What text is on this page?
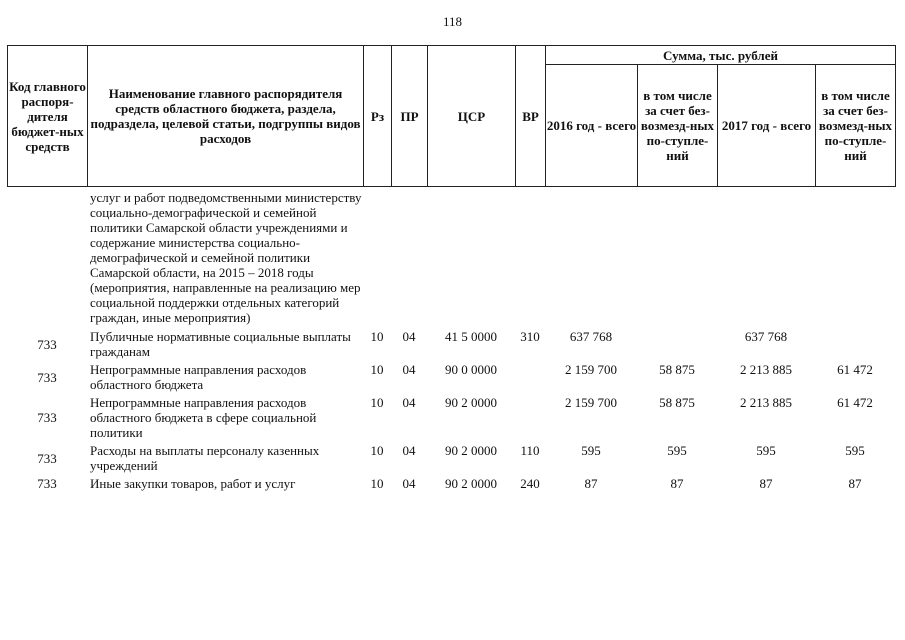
118
Код главного распоря-дителя бюджет-ных средств	Наименование главного распорядителя средств областного бюджета, раздела, подраздела, целевой статьи, подгруппы видов расходов	Рз	ПР	ЦСР	ВР	Сумма, тыс. рублей			
						2016 год - всего	в том числе за счет без-возмезд-ных по-ступле-ний	2017 год - всего	в том числе за счет без-возмезд-ных по-ступле-ний
	услуг и работ подведомственными министерству социально-демографической и семейной политики Самарской области учреждениями и содержание министерства социально-демографической и семейной политики Самарской области, на 2015 – 2018 годы (мероприятия, направленные на реализацию мер социальной поддержки отдельных категорий граждан, иные мероприятия)								
733	Публичные нормативные социальные выплаты гражданам	10	04	41 5 0000	310	637 768		637 768	
733	Непрограммные направления расходов областного бюджета	10	04	90 0 0000		2 159 700	58 875	2 213 885	61 472
733	Непрограммные направления расходов областного бюджета в сфере социальной политики	10	04	90 2 0000		2 159 700	58 875	2 213 885	61 472
733	Расходы на выплаты персоналу казенных учреждений	10	04	90 2 0000	110	595	595	595	595
733	Иные закупки товаров, работ и услуг	10	04	90 2 0000	240	87	87	87	87
